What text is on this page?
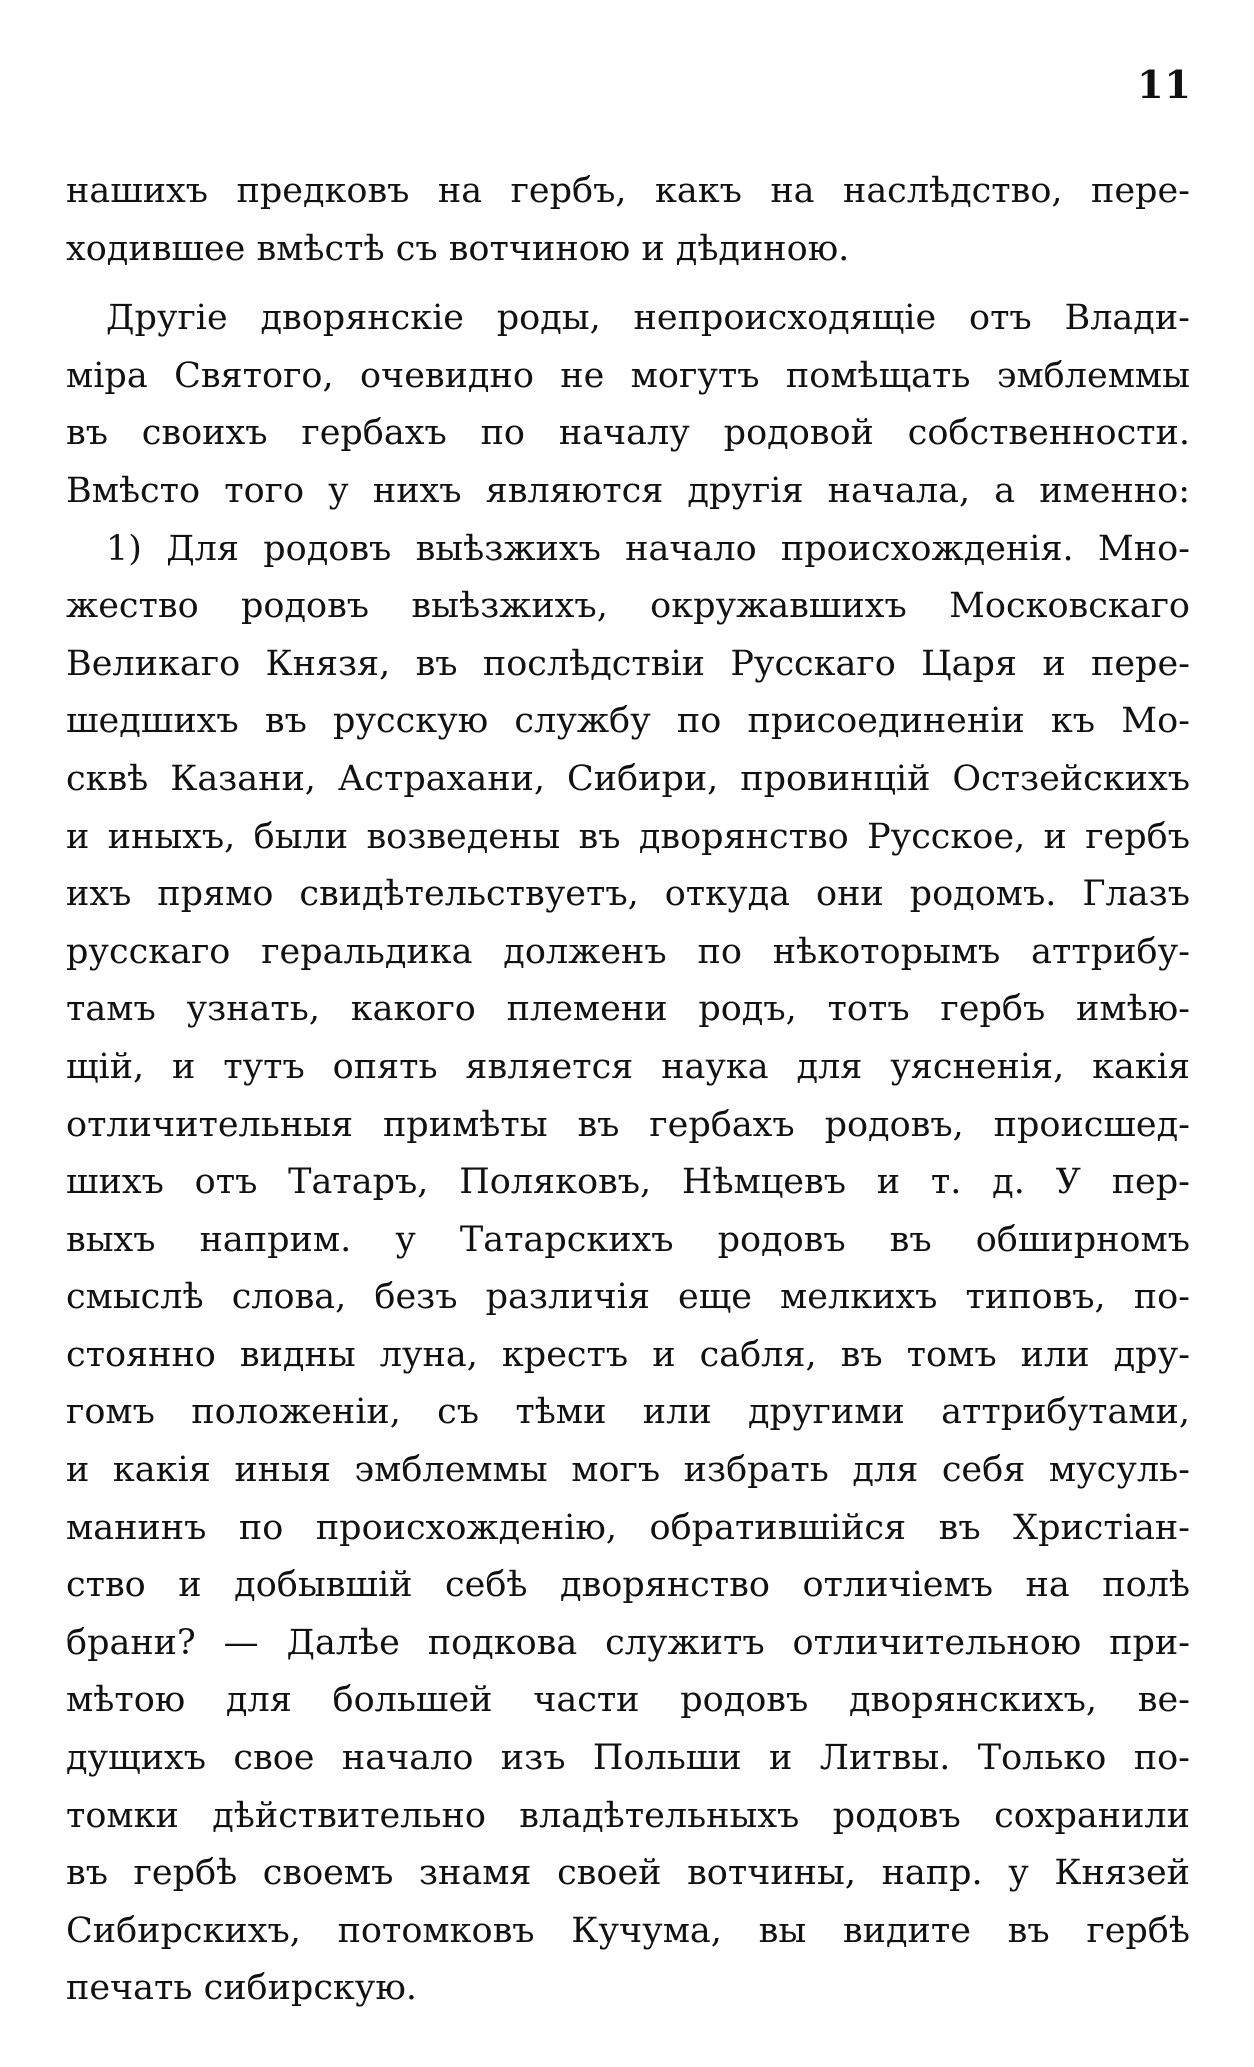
11
нашихъ предковъ на гербъ, какъ на наслѣдство, пере-
ходившее вмѣстѣ съ вотчиною и дѣдиною.
Другіе дворянскіе роды, непроисходящіе отъ Влади-
міра Святого, очевидно не могутъ помѣщать эмблеммы
въ своихъ гербахъ по началу родовой собственности.
Вмѣсто того у нихъ являются другія начала, а именно:
1) Для родовъ выѣзжихъ начало происхожденія. Мно-
жество родовъ выѣзжихъ, окружавшихъ Московскаго
Великаго Князя, въ послѣдствіи Русскаго Царя и пере-
шедшихъ въ русскую службу по присоединеніи къ Мо-
сквѣ Казани, Астрахани, Сибири, провинцій Остзейскихъ
и иныхъ, были возведены въ дворянство Русское, и гербъ
ихъ прямо свидѣтельствуетъ, откуда они родомъ. Глазъ
русскаго геральдика долженъ по нѣкоторымъ аттрибу-
тамъ узнать, какого племени родъ, тотъ гербъ имѣю-
щій, и тутъ опять является наука для уясненія, какія
отличительныя примѣты въ гербахъ родовъ, происшед-
шихъ отъ Татаръ, Поляковъ, Нѣмцевъ и т. д. У пер-
выхъ наприм. у Татарскихъ родовъ въ обширномъ
смыслѣ слова, безъ различія еще мелкихъ типовъ, по-
стоянно видны луна, крестъ и сабля, въ томъ или дру-
гомъ положеніи, съ тѣми или другими аттрибутами,
и какія иныя эмблеммы могъ избрать для себя мусуль-
манинъ по происхожденію, обратившійся въ Христіан-
ство и добывшій себѣ дворянство отличіемъ на полѣ
брани? — Далѣе подкова служитъ отличительною при-
мѣтою для большей части родовъ дворянскихъ, ве-
дущихъ свое начало изъ Польши и Литвы. Только по-
томки дѣйствительно владѣтельныхъ родовъ сохранили
въ гербѣ своемъ знамя своей вотчины, напр. у Князей
Сибирскихъ, потомковъ Кучума, вы видите въ гербѣ
печать сибирскую.
